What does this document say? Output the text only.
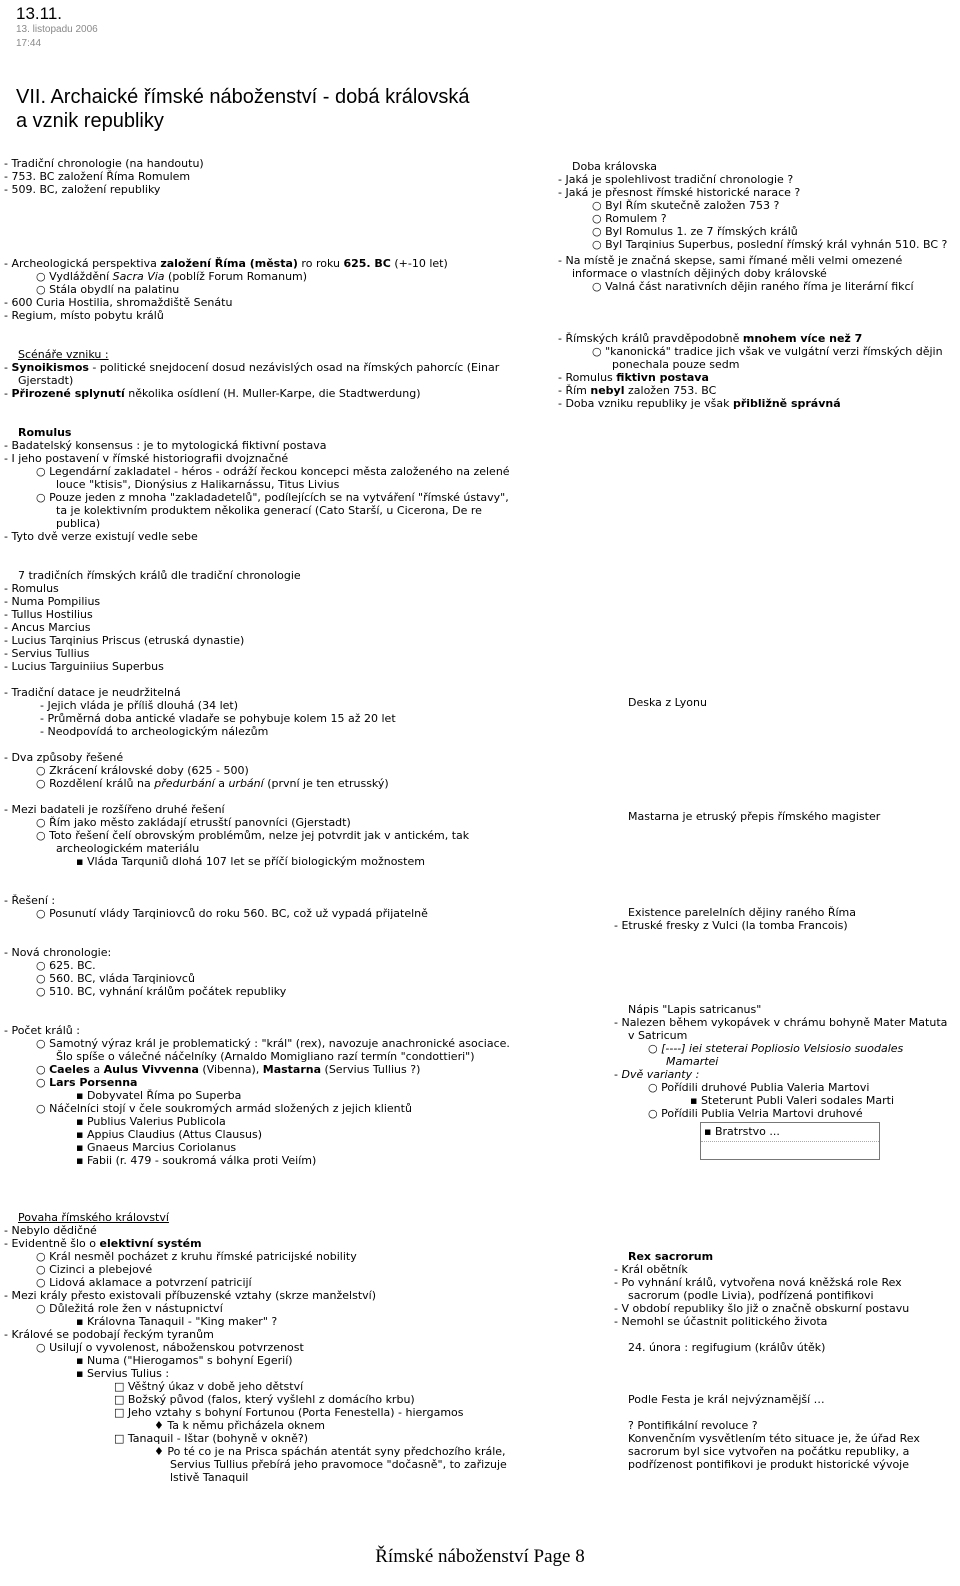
13.11.
13. listopadu 2006
17:44
VII. Archaické římské náboženství - dobá královská
a vznik republiky
- Tradiční chronologie (na handoutu)
- 753. BC založení Říma Romulem
- 509. BC, založení republiky
- Archeologická perspektiva založení Říma (města) ro roku 625. BC (+-10 let)
○ Vydláždění Sacra Via (poblíž Forum Romanum)
○ Stála obydlí na palatinu
- 600 Curia Hostilia, shromaždiště Senátu
- Regium, místo pobytu králů
Scénáře vzniku :
- Synoikismos - politické snejdocení dosud nezávislých osad na římských pahorcíc (Einar
Gjerstadt)
- Přirozené splynutí několika osídlení (H. Muller-Karpe, die Stadtwerdung)
Romulus
- Badatelský konsensus : je to mytologická fiktivní postava
- I jeho postavení v římské historiografii dvojznačné
○ Legendární zakladatel - héros - odráží řeckou koncepci města založeného na zelené
louce "ktisis", Dionýsius z Halikarnássu, Titus Livius
○ Pouze jeden z mnoha "zakladadetelů", podílejících se na vytváření "římské ústavy",
ta je kolektivním produktem několika generací (Cato Starší, u Cicerona, De re
publica)
- Tyto dvě verze existují vedle sebe
7 tradičních římských králů dle tradiční chronologie
- Romulus
- Numa Pompilius
- Tullus Hostilius
- Ancus Marcius
- Lucius Tarqinius Priscus (etruská dynastie)
- Servius Tullius
- Lucius Targuiniius Superbus
- Tradiční datace je neudržitelná
- Jejich vláda je příliš dlouhá (34 let)
- Průměrná doba antické vladaře se pohybuje kolem 15 až 20 let
- Neodpovídá to archeologickým nálezům
- Dva způsoby řešené
○ Zkrácení královské doby (625 - 500)
○ Rozdělení králů na předurbání a urbání (první je ten etrusský)
- Mezi badateli je rozšířeno druhé řešení
○ Řím jako město zakládají etrusští panovníci (Gjerstadt)
○ Toto řešení čelí obrovským problémům, nelze jej potvrdit jak v antickém, tak
archeologickém materiálu
▪ Vláda Tarquniů dlohá 107 let se příčí biologickým možnostem
- Řešení :
○ Posunutí vlády Tarqiniovců do roku 560. BC, což už vypadá přijatelně
- Nová chronologie:
○ 625. BC.
○ 560. BC, vláda Tarqiniovců
○ 510. BC, vyhnání králům počátek republiky
- Počet králů :
○ Samotný výraz král je problematický : "král" (rex), navozuje anachronické asociace.
Šlo spíše o válečné náčelníky (Arnaldo Momigliano razí termín "condottieri")
○ Caeles a Aulus Vivvenna (Vibenna), Mastarna (Servius Tullius ?)
○ Lars Porsenna
▪ Dobyvatel Říma po Superba
○ Náčelníci stojí v čele soukromých armád složených z jejich klientů
▪ Publius Valerius Publicola
▪ Appius Claudius (Attus Clausus)
▪ Gnaeus Marcius Coriolanus
▪ Fabii (r. 479 - soukromá válka proti Veiím)
Povaha římského království
- Nebylo dědičné
- Evidentně šlo o elektivní systém
○ Král nesměl pocházet z kruhu římské patricijské nobility
○ Cizinci a plebejové
○ Lidová aklamace a potvrzení patricijí
- Mezi krály přesto existovali příbuzenské vztahy (skrze manželství)
○ Důležitá role žen v nástupnictví
▪ Královna Tanaquil - "King maker" ?
- Králové se podobají řeckým tyranům
○ Usilují o vyvolenost, náboženskou potvrzenost
▪ Numa ("Hierogamos" s bohyní Egerií)
▪ Servius Tulius :
□ Věštný úkaz v době jeho dětství
□ Božský původ (falos, který vyšlehl z domácího krbu)
□ Jeho vztahy s bohyní Fortunou (Porta Fenestella) - hiergamos
♦ Ta k němu přicházela oknem
□ Tanaquil - Ištar (bohyně v okně?)
♦ Po té co je na Prisca spáchán atentát syny předchozího krále,
Servius Tullius přebírá jeho pravomoce "dočasně", to zařizuje
lstivě Tanaquil
Doba královska
- Jaká je spolehlivost tradiční chronologie ?
- Jaká je přesnost římské historické narace ?
○ Byl Řím skutečně založen 753 ?
○ Romulem ?
○ Byl Romulus 1. ze 7 římských králů
○ Byl Tarqinius Superbus, poslední římský král vyhnán 510. BC ?
- Na místě je značná skepse, sami římané měli velmi omezené
informace o vlastních dějiných doby královské
○ Valná část narativních dějin raného říma je literární fikcí
- Římských králů pravděpodobně mnohem více než 7
○ "kanonická" tradice jich však ve vulgátní verzi římských dějin
ponechala pouze sedm
- Romulus fiktivn postava
- Řím nebyl založen 753. BC
- Doba vzniku republiky je však přibližně správná
Deska z Lyonu
Mastarna je etruský přepis římského magister
Existence parelelních dějiny raného Říma
- Etruské fresky z Vulci (la tomba Francois)
Nápis "Lapis satricanus"
- Nalezen během vykopávek v chrámu bohyně Mater Matuta
v Satricum
○ [----] iei steterai Popliosio Velsiosio suodales
Mamartei
- Dvě varianty :
○ Pořídili druhové Publia Valeria Martovi
▪ Steterunt Publi Valeri sodales Marti
○ Pořídili Publia Velria Martovi druhové
▪ Bratrstvo ...
Rex sacrorum
- Král obětník
- Po vyhnání králů, vytvořena nová kněžská role Rex
sacrorum (podle Livia), podřízená pontifikovi
- V období republiky šlo již o značně obskurní postavu
- Nemohl se účastnit politického života
24. února : regifugium (králův útěk)
Podle Festa je král nejvýznamější …
? Pontifikální revoluce ?
Konvenčním vysvětlením této situace je, že úřad Rex
sacrorum byl sice vytvořen na počátku republiky, a
podřízenost pontifikovi je produkt historické vývoje
Římské náboženství Page 8
